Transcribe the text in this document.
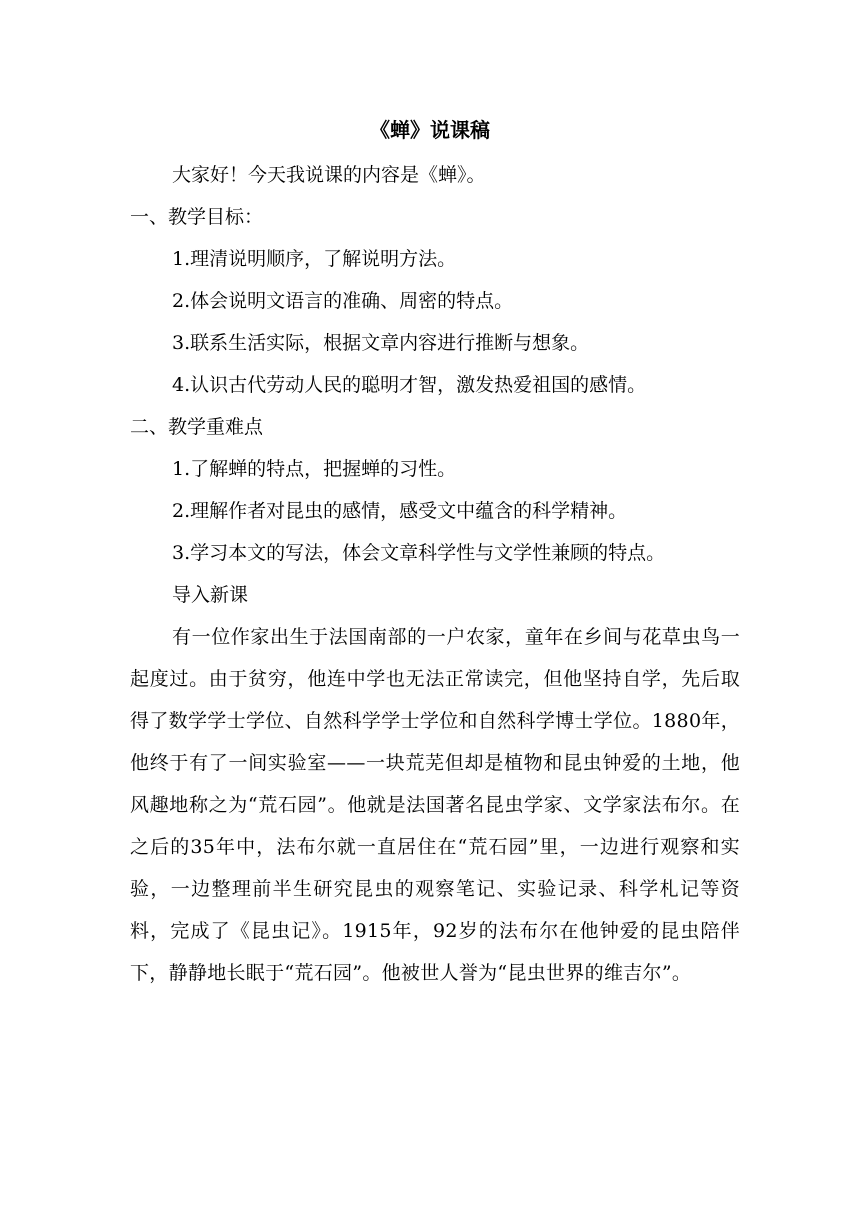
《蝉》说课稿
大家好！今天我说课的内容是《蝉》。
一、教学目标：
1.理清说明顺序，了解说明方法。
2.体会说明文语言的准确、周密的特点。
3.联系生活实际，根据文章内容进行推断与想象。
4.认识古代劳动人民的聪明才智，激发热爱祖国的感情。
二、教学重难点
1.了解蝉的特点，把握蝉的习性。
2.理解作者对昆虫的感情，感受文中蕴含的科学精神。
3.学习本文的写法，体会文章科学性与文学性兼顾的特点。
导入新课
有一位作家出生于法国南部的一户农家，童年在乡间与花草虫鸟一起度过。由于贫穷，他连中学也无法正常读完，但他坚持自学，先后取得了数学学士学位、自然科学学士学位和自然科学博士学位。1880年，他终于有了一间实验室——一块荒芜但却是植物和昆虫钟爱的土地，他风趣地称之为“荒石园”。他就是法国著名昆虫学家、文学家法布尔。在之后的35年中，法布尔就一直居住在“荒石园”里，一边进行观察和实验，一边整理前半生研究昆虫的观察笔记、实验记录、科学札记等资料，完成了《昆虫记》。1915年，92岁的法布尔在他钟爱的昆虫陪伴下，静静地长眠于“荒石园”。他被世人誉为“昆虫世界的维吉尔”。
